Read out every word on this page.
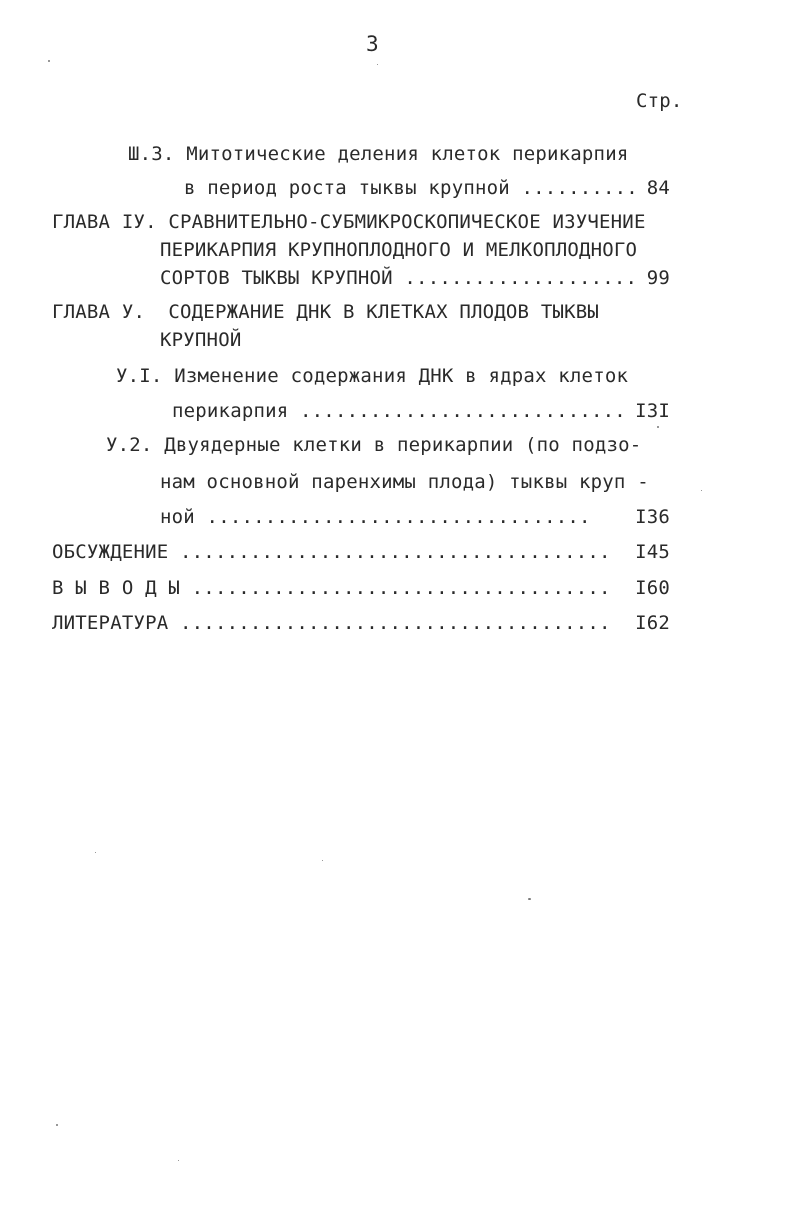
3
Стр.
Ш.3. Митотические деления клеток перикарпия
в период роста тыквы крупной .......... 84
ГЛАВА IУ. СРАВНИТЕЛЬНО-СУБМИКРОСКОПИЧЕСКОЕ ИЗУЧЕНИЕ
ПЕРИКАРПИЯ КРУПНОПЛОДНОГО И МЕЛКОПЛОДНОГО
СОРТОВ ТЫКВЫ КРУПНОЙ .................... 99
ГЛАВА У.  СОДЕРЖАНИЕ ДНК В КЛЕТКАХ ПЛОДОВ ТЫКВЫ
КРУПНОЙ
У.I. Изменение содержания ДНК в ядрах клеток
перикарпия ............................ I3I
У.2. Двуядерные клетки в перикарпии (по подзо-
нам основной паренхимы плода) тыквы круп -
ной .................................	I36
ОБСУЖДЕНИЕ .....................................	I45
В Ы В О Д Ы ....................................	I60
ЛИТЕРАТУРА .....................................	I62
